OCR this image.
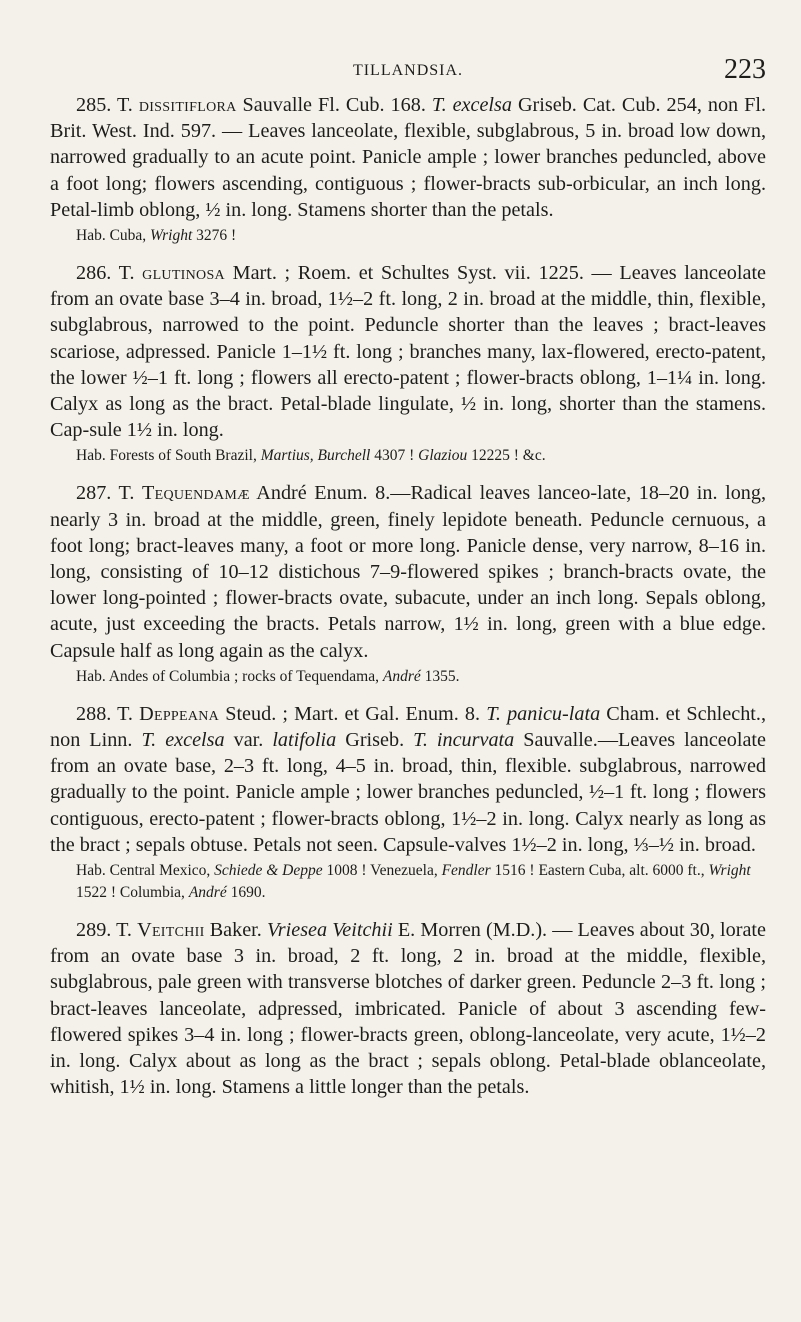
TILLANDSIA.	223

285. T. dissitiflora Sauvalle Fl. Cub. 168. T. excelsa Griseb. Cat. Cub. 254, non Fl. Brit. West. Ind. 597. — Leaves lanceolate, flexible, subglabrous, 5 in. broad low down, narrowed gradually to an acute point. Panicle ample ; lower branches peduncled, above a foot long; flowers ascending, contiguous ; flower-bracts sub-orbicular, an inch long. Petal-limb oblong, ½ in. long. Stamens shorter than the petals.

Hab. Cuba, Wright 3276 !

286. T. glutinosa Mart. ; Roem. et Schultes Syst. vii. 1225. — Leaves lanceolate from an ovate base 3–4 in. broad, 1½–2 ft. long, 2 in. broad at the middle, thin, flexible, subglabrous, narrowed to the point. Peduncle shorter than the leaves ; bract-leaves scariose, adpressed. Panicle 1–1½ ft. long ; branches many, lax-flowered, erecto-patent, the lower ½–1 ft. long ; flowers all erecto-patent ; flower-bracts oblong, 1–1¼ in. long. Calyx as long as the bract. Petal-blade lingulate, ½ in. long, shorter than the stamens. Cap-sule 1½ in. long.

Hab. Forests of South Brazil, Martius, Burchell 4307 ! Glaziou 12225 ! &c.

287. T. Tequendamæ André Enum. 8.—Radical leaves lanceo-late, 18–20 in. long, nearly 3 in. broad at the middle, green, finely lepidote beneath. Peduncle cernuous, a foot long; bract-leaves many, a foot or more long. Panicle dense, very narrow, 8–16 in. long, consisting of 10–12 distichous 7–9-flowered spikes ; branch-bracts ovate, the lower long-pointed ; flower-bracts ovate, subacute, under an inch long. Sepals oblong, acute, just exceeding the bracts. Petals narrow, 1½ in. long, green with a blue edge. Capsule half as long again as the calyx.

Hab. Andes of Columbia ; rocks of Tequendama, André 1355.

288. T. Deppeana Steud. ; Mart. et Gal. Enum. 8. T. panicu-lata Cham. et Schlecht., non Linn. T. excelsa var. latifolia Griseb. T. incurvata Sauvalle.—Leaves lanceolate from an ovate base, 2–3 ft. long, 4–5 in. broad, thin, flexible. subglabrous, narrowed gradually to the point. Panicle ample ; lower branches peduncled, ½–1 ft. long ; flowers contiguous, erecto-patent ; flower-bracts oblong, 1½–2 in. long. Calyx nearly as long as the bract ; sepals obtuse. Petals not seen. Capsule-valves 1½–2 in. long, ⅓–½ in. broad.

Hab. Central Mexico, Schiede & Deppe 1008 ! Venezuela, Fendler 1516 ! Eastern Cuba, alt. 6000 ft., Wright 1522 ! Columbia, André 1690.

289. T. Veitchii Baker. Vriesea Veitchii E. Morren (M.D.). — Leaves about 30, lorate from an ovate base 3 in. broad, 2 ft. long, 2 in. broad at the middle, flexible, subglabrous, pale green with transverse blotches of darker green. Peduncle 2–3 ft. long ; bract-leaves lanceolate, adpressed, imbricated. Panicle of about 3 ascending few-flowered spikes 3–4 in. long ; flower-bracts green, oblong-lanceolate, very acute, 1½–2 in. long. Calyx about as long as the bract ; sepals oblong. Petal-blade oblanceolate, whitish, 1½ in. long. Stamens a little longer than the petals.
